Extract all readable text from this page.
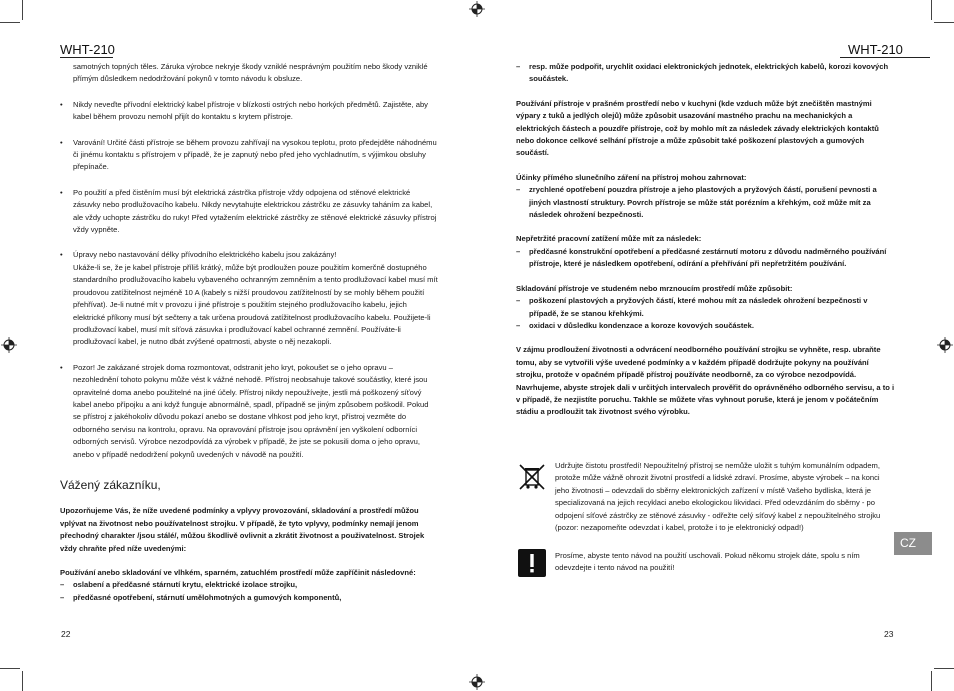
WHT-210

samotných topných těles. Záruka výrobce nekryje škody vzniklé nesprávným použitím nebo škody vzniklé přímým důsledkem nedodržování pokynů v tomto návodu k obsluze.

• Nikdy neveďte přívodní elektrický kabel přístroje v blízkosti ostrých nebo horkých předmětů. Zajistěte, aby kabel během provozu nemohl přijít do kontaktu s krytem přístroje.

• Varování! Určité části přístroje se během provozu zahřívají na vysokou teplotu, proto předejděte náhodnému či jinému kontaktu s přístrojem v případě, že je zapnutý nebo před jeho vychladnutím, s výjimkou obsluhy přepínače.

• Po použití a před čistěním musí být elektrická zástrčka přístroje vždy odpojena od stěnové elektrické zásuvky nebo prodlužovacího kabelu. Nikdy nevytahujte elektrickou zástrčku ze zásuvky taháním za kabel, ale vždy uchopte zástrčku do ruky! Před vytažením elektrické zástrčky ze stěnové elektrické zásuvky přístroj vždy vypněte.

• Úpravy nebo nastavování délky přívodního elektrického kabelu jsou zakázány!

Ukáže-li se, že je kabel přístroje příliš krátký, může být prodloužen pouze použitím komerčně dostupného standardního prodlužovacího kabelu vybaveného ochranným zemněním a tento prodlužovací kabel musí mít proudovou zatížitelnost nejméně 10 A (kabely s nižší proudovou zatížitelností by se mohly během použití přehřívat). Je-li nutné mít v provozu i jiné přístroje s použitím stejného prodlužovacího kabelu, jejich elektrické příkony musí být sečteny a tak určena proudová zatížitelnost prodlužovacího kabelu. Použijete-li prodlužovací kabel, musí mít síťová zásuvka i prodlužovací kabel ochranné zemnění. Používáte-li prodlužovací kabel, je nutno dbát zvýšené opatrnosti, abyste o něj nezakopli.

• Pozor! Je zakázané strojek doma rozmontovat, odstranit jeho kryt, pokoušet se o jeho opravu – nezohlednění tohoto pokynu může vést k vážné nehodě. Přístroj neobsahuje takové součástky, které jsou opravitelné doma anebo použitelné na jiné účely. Přístroj nikdy nepoužívejte, jestli má poškozený síťový kabel anebo přípojku a ani když funguje abnormálně, spadl, případně se jiným způsobem poškodil. Pokud se přístroj z jakéhokoliv důvodu pokazí anebo se dostane vlhkost pod jeho kryt, přístroj vezměte do odborného servisu na kontrolu, opravu. Na opravování přístroje jsou oprávnění jen vyškolení odborníci odborných servisů. Výrobce nezodpovídá za výrobek v případě, že jste se pokusili doma o jeho opravu, anebo v případě nedodržení pokynů uvedených v návodě na použití.

Vážený zákazníku,

Upozorňujeme Vás, že níže uvedené podmínky a vplyvy provozování, skladování a prostředí můžou vplývat na životnost nebo používatelnost strojku. V případě, že tyto vplyvy, podmínky nemají jenom přechodný charakter /jsou stálé/, můžou škodlivě ovlivnit a zkrátit životnost a použivatelnost. Strojek vždy chraňte před níže uvedenými:

Používání anebo skladování ve vlhkém, sparném, zatuchlém prostředí může zapříčinit následovné:

– oslabení a předčasné stárnutí krytu, elektrické izolace strojku,

– předčasné opotřebení, stárnutí umělohmotných a gumových komponentů,

22
WHT-210

– resp. může podpořit, urychlit oxidaci elektronických jednotek, elektrických kabelů, korozi kovových součástek.

Používání přístroje v prašném prostředí nebo v kuchyni (kde vzduch může být znečištěn mastnými výpary z tuků a jedlých olejů) může způsobit usazování mastného prachu na mechanických a elektrických částech a pouzdře přístroje, což by mohlo mít za následek závady elektrických kontaktů nebo dokonce celkové selhání přístroje a může způsobit také poškození plastových a gumových součástí.

Účinky přímého slunečního záření na přístroj mohou zahrnovat:

– zrychlené opotřebení pouzdra přístroje a jeho plastových a pryžových částí, porušení pevnosti a jiných vlastností struktury. Povrch přístroje se může stát porézním a křehkým, což může mít za následek ohrožení bezpečnosti.

Nepřetržité pracovní zatížení může mít za následek:

– předčasné konstrukční opotřebení a předčasné zestárnutí motoru z důvodu nadměrného používání přístroje, které je následkem opotřebení, odírání a přehřívání při nepřetržitém používání.

Skladování přístroje ve studeném nebo mrznoucím prostředí může způsobit:

– poškození plastových a pryžových částí, které mohou mít za následek ohrožení bezpečnosti v případě, že se stanou křehkými.

– oxidaci v důsledku kondenzace a koroze kovových součástek.

V zájmu prodloužení životnosti a odvrácení neodborného používání strojku se vyhněte, resp. ubraňte tomu, aby se vytvořili výše uvedené podmínky a v každém případě dodržujte pokyny na používání strojku, protože v opačném případě přístroj používáte neodborně, za co výrobce nezodpovídá. Navrhujeme, abyste strojek dali v určitých intervalech prověřit do oprávněného odborného servisu, a to i v případě, že nezjistíte poruchu. Takhle se můžete vřas vyhnout poruše, která je jenom v počátečním stádiu a prodloužit tak životnost svého výrobku.

23

Udržujte čistotu prostředí! Nepoužitelný přístroj se nemůže uložit s tuhým komunálním odpadem, protože může vážně ohrozit životní prostředí a lidské zdraví. Prosíme, abyste výrobek – na konci jeho životnosti – odevzdali do sběrny elektronických zařízení v místě Vašeho bydliska, která je specializovaná na jejich recyklaci anebo ekologickou likvidaci. Před odevzdáním do sběrny - po odpojení síťové zástrčky ze stěnové zásuvky - odřežte celý síťový kabel z nepoužitelného strojku (pozor: nezapomeňte odevzdat i kabel, protože i to je elektronický odpad!)

Prosíme, abyste tento návod na použití uschovali. Pokud někomu strojek dáte, spolu s ním odevzdejte i tento návod na použití!

CZ
